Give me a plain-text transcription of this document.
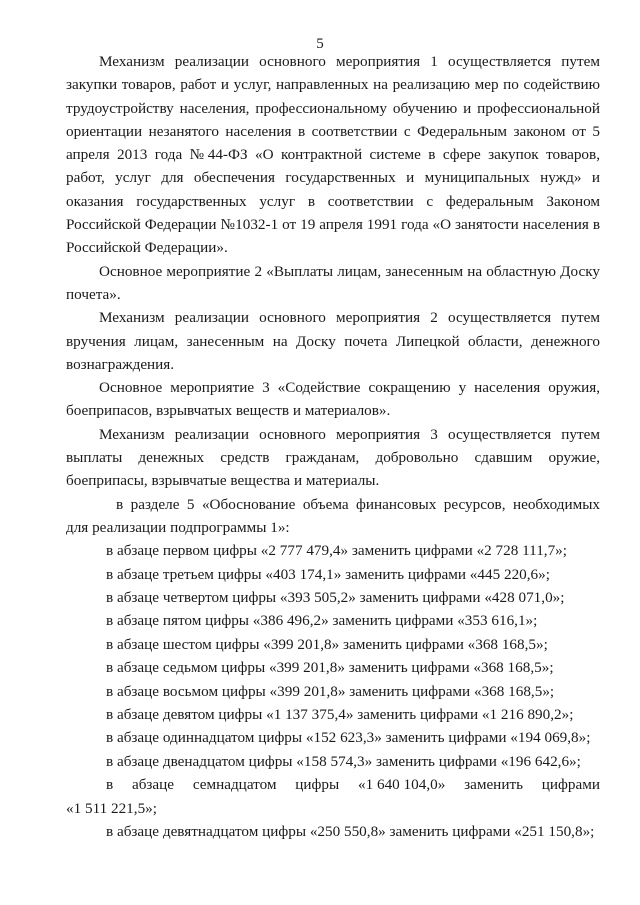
5

Механизм реализации основного мероприятия 1 осуществляется путем закупки товаров, работ и услуг, направленных на реализацию мер по содействию трудоустройству населения, профессиональному обучению и профессиональной ориентации незанятого населения в соответствии с Федеральным законом от 5 апреля 2013 года №44-ФЗ «О контрактной системе в сфере закупок товаров, работ, услуг для обеспечения государственных и муниципальных нужд» и оказания государственных услуг в соответствии с федеральным Законом Российской Федерации №1032-1 от 19 апреля 1991 года «О занятости населения в Российской Федерации».

Основное мероприятие 2 «Выплаты лицам, занесенным на областную Доску почета».

Механизм реализации основного мероприятия 2 осуществляется путем вручения лицам, занесенным на Доску почета Липецкой области, денежного вознаграждения.

Основное мероприятие 3 «Содействие сокращению у населения оружия, боеприпасов, взрывчатых веществ и материалов».

Механизм реализации основного мероприятия 3 осуществляется путем выплаты денежных средств гражданам, добровольно сдавшим оружие, боеприпасы, взрывчатые вещества и материалы.

в разделе 5 «Обоснование объема финансовых ресурсов, необходимых для реализации подпрограммы 1»:

в абзаце первом цифры «2 777 479,4» заменить цифрами «2 728 111,7»;
в абзаце третьем цифры «403 174,1» заменить цифрами «445 220,6»;
в абзаце четвертом цифры «393 505,2» заменить цифрами «428 071,0»;
в абзаце пятом цифры «386 496,2» заменить цифрами «353 616,1»;
в абзаце шестом цифры «399 201,8» заменить цифрами «368 168,5»;
в абзаце седьмом цифры «399 201,8» заменить цифрами «368 168,5»;
в абзаце восьмом цифры «399 201,8» заменить цифрами «368 168,5»;
в абзаце девятом цифры «1 137 375,4» заменить цифрами «1 216 890,2»;
в абзаце одиннадцатом цифры «152 623,3» заменить цифрами «194 069,8»;
в абзаце двенадцатом цифры «158 574,3» заменить цифрами «196 642,6»;
в абзаце семнадцатом цифры «1 640 104,0» заменить цифрами
«1 511 221,5»;
в абзаце девятнадцатом цифры «250 550,8» заменить цифрами «251 150,8»;
